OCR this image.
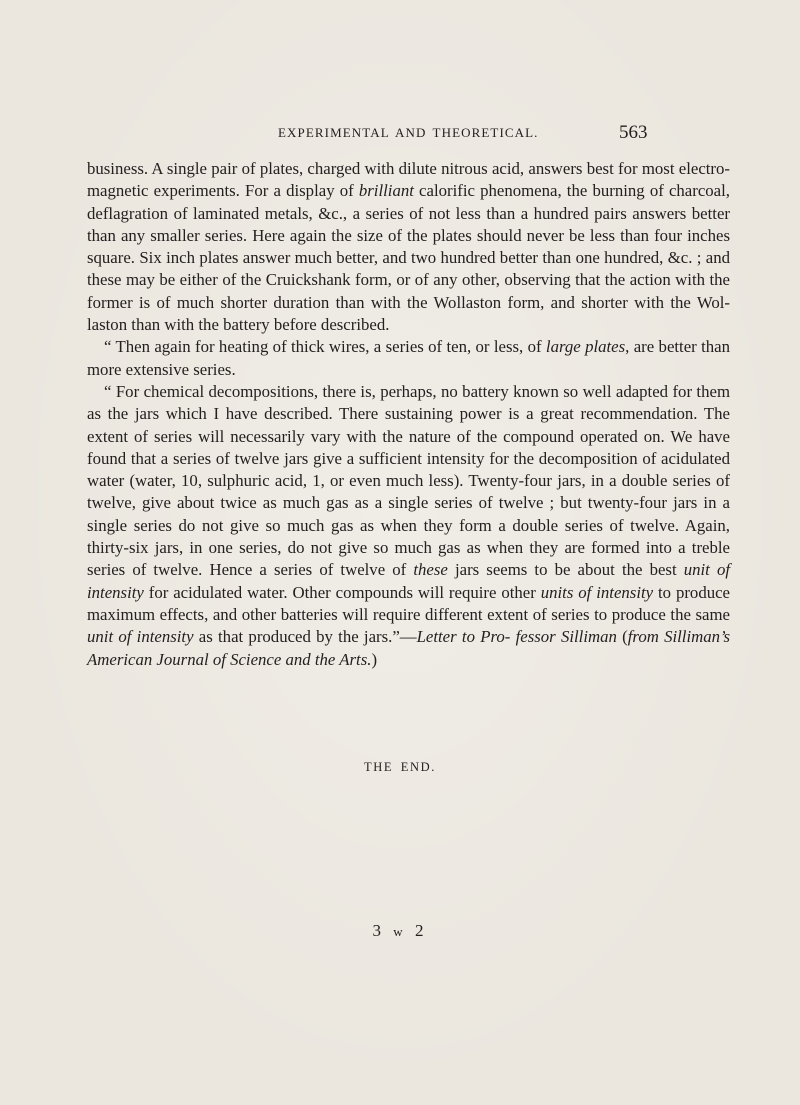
EXPERIMENTAL AND THEORETICAL.	563

business. A single pair of plates, charged with dilute nitrous acid, answers best for most electro-magnetic experiments. For a display of brilliant calorific phenomena, the burning of charcoal, deflagration of laminated metals, &c., a series of not less than a hundred pairs answers better than any smaller series. Here again the size of the plates should never be less than four inches square. Six inch plates answer much better, and two hundred better than one hundred, &c. ; and these may be either of the Cruickshank form, or of any other, observing that the action with the former is of much shorter duration than with the Wollaston form, and shorter with the Wol- laston than with the battery before described.

“ Then again for heating of thick wires, a series of ten, or less, of large plates, are better than more extensive series.

“ For chemical decompositions, there is, perhaps, no battery known so well adapted for them as the jars which I have described. There sustaining power is a great recommendation. The extent of series will necessarily vary with the nature of the compound operated on. We have found that a series of twelve jars give a sufficient intensity for the decomposition of acidulated water (water, 10, sulphuric acid, 1, or even much less). Twenty-four jars, in a double series of twelve, give about twice as much gas as a single series of twelve ; but twenty-four jars in a single series do not give so much gas as when they form a double series of twelve. Again, thirty-six jars, in one series, do not give so much gas as when they are formed into a treble series of twelve. Hence a series of twelve of these jars seems to be about the best unit of intensity for acidulated water. Other compounds will require other units of intensity to produce maximum effects, and other batteries will require different extent of series to produce the same unit of intensity as that produced by the jars.”—Letter to Pro- fessor Silliman (from Silliman’s American Journal of Science and the Arts.)

THE END.
3 w 2
